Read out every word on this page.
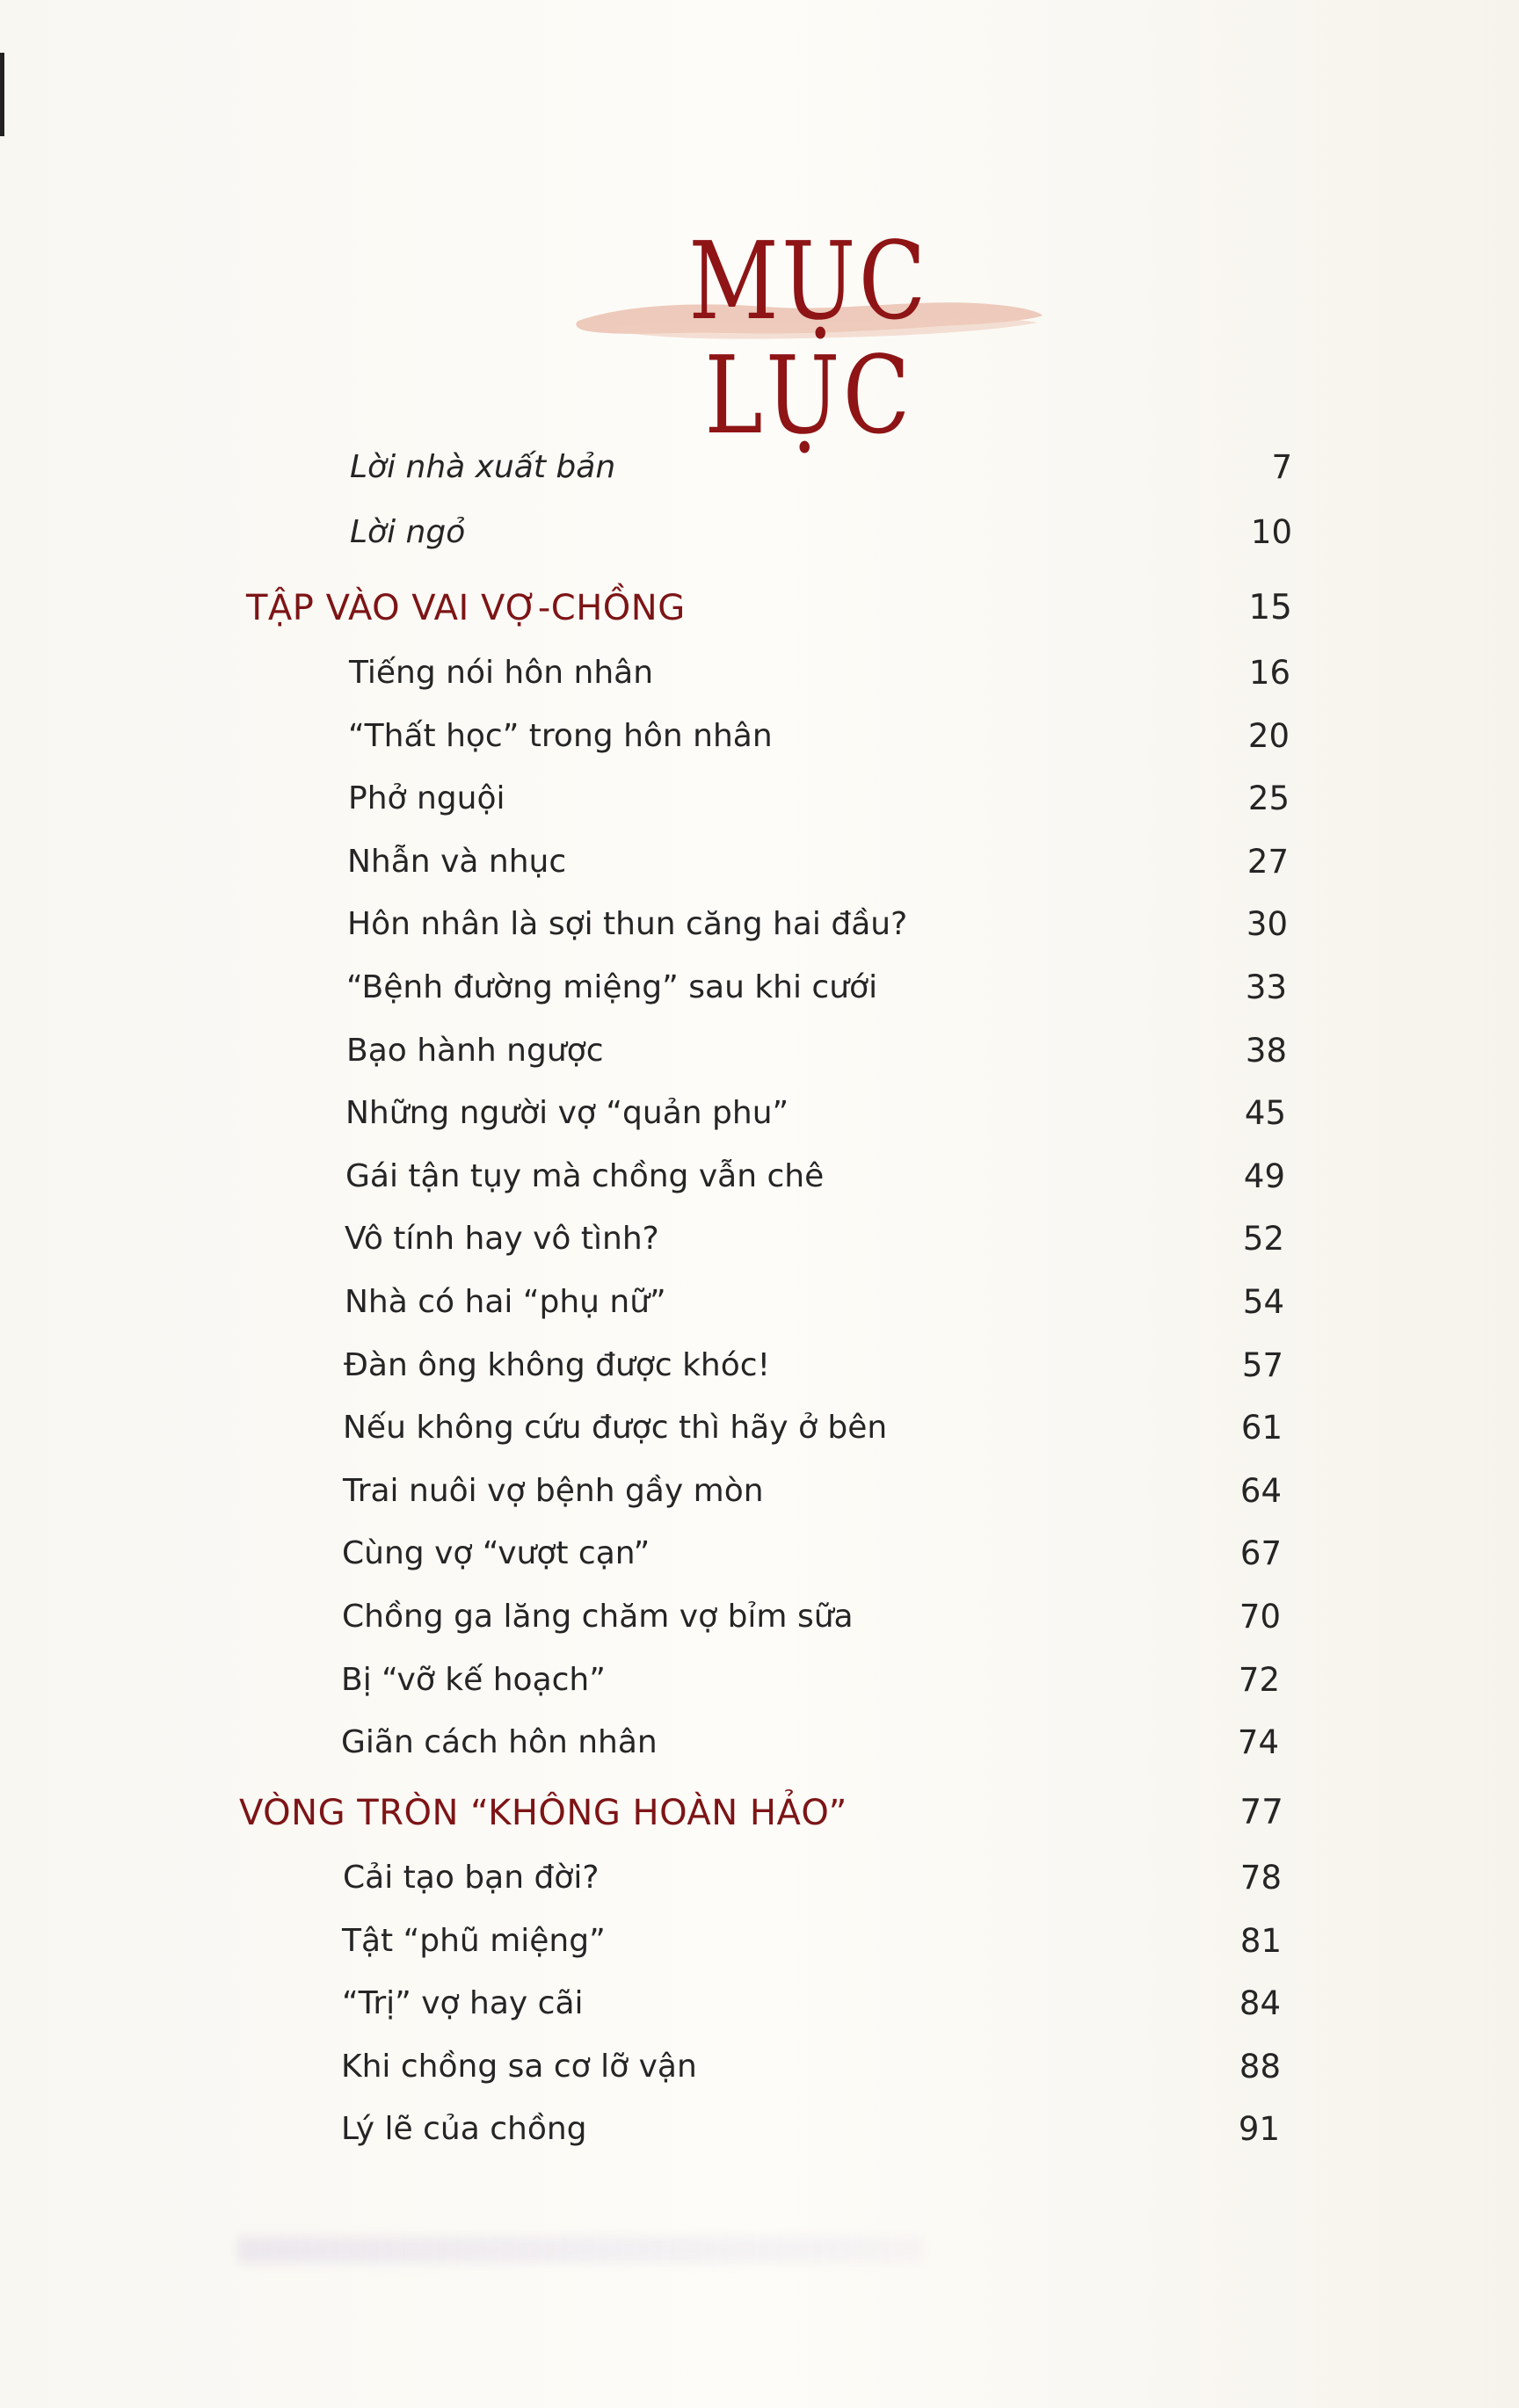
MỤC LỤC
Lời nhà xuất bản	7
Lời ngỏ	10
TẬP VÀO VAI VỢ-CHỒNG	15
Tiếng nói hôn nhân	16
“Thất học” trong hôn nhân	20
Phở nguội	25
Nhẫn và nhục	27
Hôn nhân là sợi thun căng hai đầu?	30
“Bệnh đường miệng” sau khi cưới	33
Bạo hành ngược	38
Những người vợ “quản phu”	45
Gái tận tụy mà chồng vẫn chê	49
Vô tính hay vô tình?	52
Nhà có hai “phụ nữ”	54
Đàn ông không được khóc!	57
Nếu không cứu được thì hãy ở bên	61
Trai nuôi vợ bệnh gầy mòn	64
Cùng vợ “vượt cạn”	67
Chồng ga lăng chăm vợ bỉm sữa	70
Bị “vỡ kế hoạch”	72
Giãn cách hôn nhân	74
VÒNG TRÒN “KHÔNG HOÀN HẢO”	77
Cải tạo bạn đời?	78
Tật “phũ miệng”	81
“Trị” vợ hay cãi	84
Khi chồng sa cơ lỡ vận	88
Lý lẽ của chồng	91
